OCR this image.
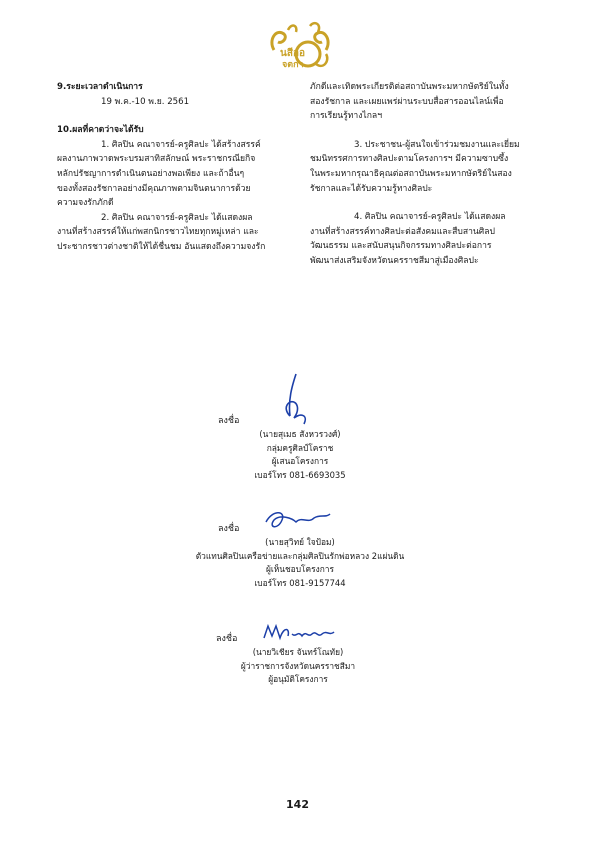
นสีออ
จตกา
9.ระยะเวลาดำเนินการ
19 พ.ค.-10 พ.ย. 2561
10.ผลที่คาดว่าจะได้รับ
1. ศิลปิน คณาจารย์-ครูศิลปะ ได้สร้างสรรค์
ผลงานภาพวาดพระบรมสาทิสลักษณ์ พระราชกรณียกิจ
หลักปรัชญาการดำเนินตนอย่างพอเพียง และถ้าอื่นๆ
ของทั้งสองรัชกาลอย่างมีคุณภาพตามจินตนาการด้วย
ความจงรักภักดี
2. ศิลปิน คณาจารย์-ครูศิลปะ ได้แสดงผล
งานที่สร้างสรรค์ให้แก่พสกนิกรชาวไทยทุกหมู่เหล่า และ
ประชากรชาวต่างชาติให้ได้ชื่นชม อันแสดงถึงความจงรัก
ภักดีและเทิดพระเกียรติต่อสถาบันพระมหากษัตริย์ในทั้ง
สองรัชกาล และเผยแพร่ผ่านระบบสื่อสารออนไลน์เพื่อ
การเรียนรู้ทางไกลฯ
3. ประชาชน-ผู้สนใจเข้าร่วมชมงานและเยี่ยม
ชมนิทรรศการทางศิลปะตามโครงการฯ มีความซาบซึ้ง
ในพระมหากรุณาธิคุณต่อสถาบันพระมหากษัตริย์ในสอง
รัชกาลและได้รับความรู้ทางศิลปะ
4. ศิลปิน คณาจารย์-ครูศิลปะ ได้แสดงผล
งานที่สร้างสรรค์ทางศิลปะต่อสังคมและสืบสานศิลป
วัฒนธรรม และสนับสนุนกิจกรรมทางศิลปะต่อการ
พัฒนาส่งเสริมจังหวัดนครราชสีมาสู่เมืองศิลปะ
ลงชื่อ
(นายสุเมธ สังหวรวงศ์)
กลุ่มครูศิลป์โคราช
ผู้เสนอโครงการ
เบอร์โทร 081-6693035
ลงชื่อ
(นายสุวิทย์ ใจป้อม)
ตัวแทนศิลปินเครือข่ายและกลุ่มศิลปินรักพ่อหลวง 2แผ่นดิน
ผู้เห็นชอบโครงการ
เบอร์โทร 081-9157744
ลงชื่อ
(นายวิเชียร จันทร์โณทัย)
ผู้ว่าราชการจังหวัดนครราชสีมา
ผู้อนุมัติโครงการ
142
